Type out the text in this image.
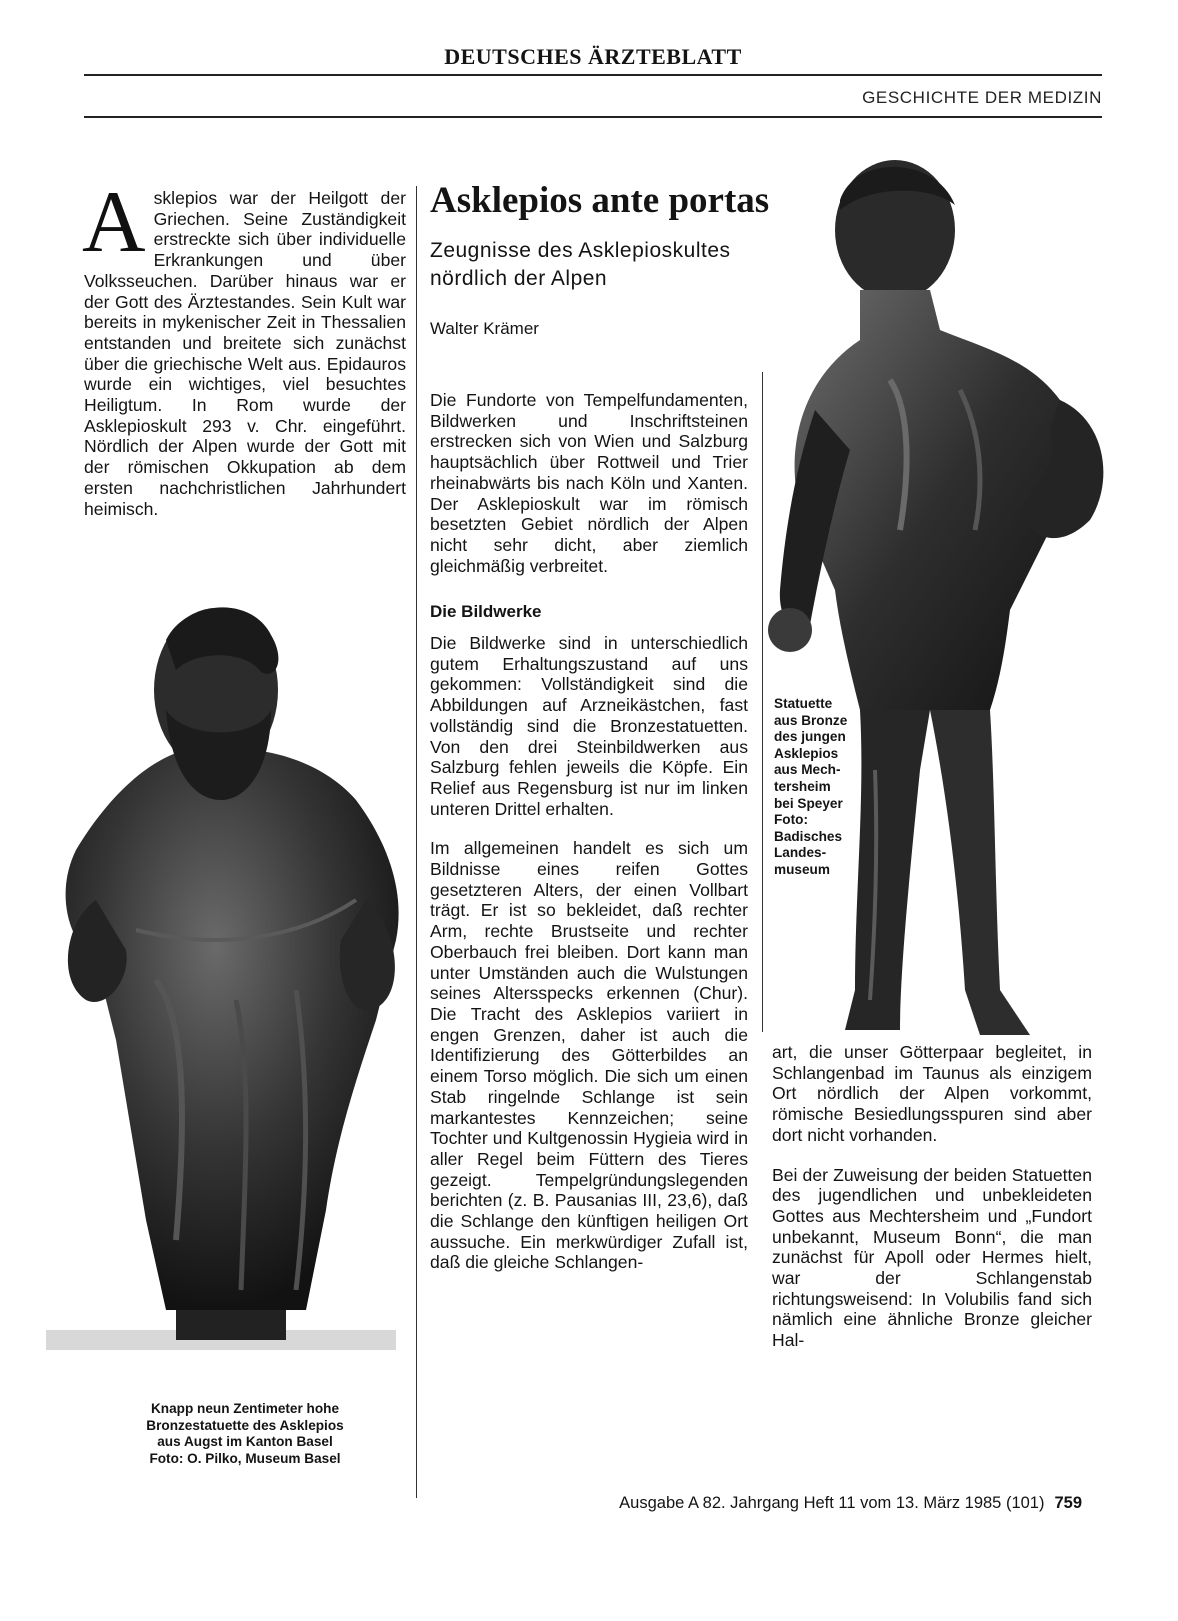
DEUTSCHES ÄRZTEBLATT
GESCHICHTE DER MEDIZIN
A sklepios war der Heilgott der Griechen. Seine Zuständigkeit erstreckte sich über individuelle Erkrankungen und über Volksseuchen. Darüber hinaus war er der Gott des Ärztestandes. Sein Kult war bereits in mykenischer Zeit in Thessalien entstanden und breitete sich zunächst über die griechische Welt aus. Epidauros wurde ein wichtiges, viel besuchtes Heiligtum. In Rom wurde der Asklepioskult 293 v. Chr. eingeführt. Nördlich der Alpen wurde der Gott mit der römischen Okkupation ab dem ersten nachchristlichen Jahrhundert heimisch.
Knapp neun Zentimeter hohe
Bronzestatuette des Asklepios
aus Augst im Kanton Basel
Foto: O. Pilko, Museum Basel
Asklepios ante portas
Zeugnisse des Asklepioskultes
nördlich der Alpen
Walter Krämer

Die Fundorte von Tempelfundamenten, Bildwerken und Inschriftsteinen erstrecken sich von Wien und Salzburg hauptsächlich über Rottweil und Trier rheinabwärts bis nach Köln und Xanten. Der Asklepioskult war im römisch besetzten Gebiet nördlich der Alpen nicht sehr dicht, aber ziemlich gleichmäßig verbreitet.

Die Bildwerke

Die Bildwerke sind in unterschiedlich gutem Erhaltungszustand auf uns gekommen: Vollständigkeit sind die Abbildungen auf Arzneikästchen, fast vollständig sind die Bronzestatuetten. Von den drei Steinbildwerken aus Salzburg fehlen jeweils die Köpfe. Ein Relief aus Regensburg ist nur im linken unteren Drittel erhalten.

Im allgemeinen handelt es sich um Bildnisse eines reifen Gottes gesetzteren Alters, der einen Vollbart trägt. Er ist so bekleidet, daß rechter Arm, rechte Brustseite und rechter Oberbauch frei bleiben. Dort kann man unter Umständen auch die Wulstungen seines Altersspecks erkennen (Chur). Die Tracht des Asklepios variiert in engen Grenzen, daher ist auch die Identifizierung des Götterbildes an einem Torso möglich. Die sich um einen Stab ringelnde Schlange ist sein markantestes Kennzeichen; seine Tochter und Kultgenossin Hygieia wird in aller Regel beim Füttern des Tieres gezeigt. Tempelgründungslegenden berichten (z. B. Pausanias III, 23,6), daß die Schlange den künftigen heiligen Ort aussuche. Ein merkwürdiger Zufall ist, daß die gleiche Schlangen-

Statuette
aus Bronze
des jungen
Asklepios
aus Mech-
tersheim
bei Speyer
Foto:
Badisches
Landes-
museum

art, die unser Götterpaar begleitet, in Schlangenbad im Taunus als einzigem Ort nördlich der Alpen vorkommt, römische Besiedlungsspuren sind aber dort nicht vorhanden.

Bei der Zuweisung der beiden Statuetten des jugendlichen und unbekleideten Gottes aus Mechtersheim und „Fundort unbekannt, Museum Bonn“, die man zunächst für Apoll oder Hermes hielt, war der Schlangenstab richtungsweisend: In Volubilis fand sich nämlich eine ähnliche Bronze gleicher Hal-

Ausgabe A 82. Jahrgang Heft 11 vom 13. März 1985 (101) 759
